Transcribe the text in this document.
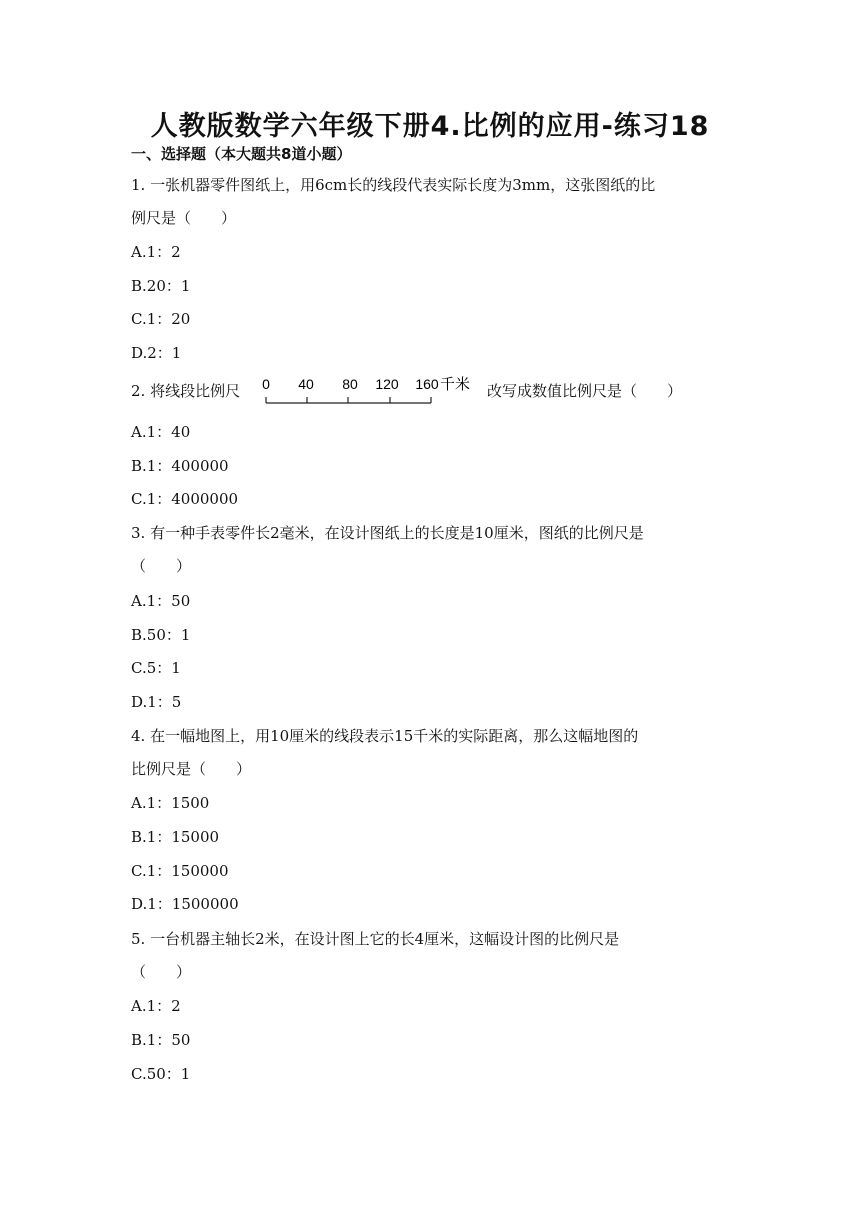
人教版数学六年级下册4.比例的应用-练习18
一、选择题（本大题共8道小题）
1. 一张机器零件图纸上，用6cm长的线段代表实际长度为3mm，这张图纸的比
例尺是（　　）
A.1：2
B.20：1
C.1：20
D.2：1
2. 将线段比例尺 0 40 80 120 160 千米 改写成数值比例尺是（　　）
A.1：40
B.1：400000
C.1：4000000
3. 有一种手表零件长2毫米，在设计图纸上的长度是10厘米，图纸的比例尺是
（　　）
A.1：50
B.50：1
C.5：1
D.1：5
4. 在一幅地图上，用10厘米的线段表示15千米的实际距离，那么这幅地图的
比例尺是（　　）
A.1：1500
B.1：15000
C.1：150000
D.1：1500000
5. 一台机器主轴长2米，在设计图上它的长4厘米，这幅设计图的比例尺是
（　　）
A.1：2
B.1：50
C.50：1
